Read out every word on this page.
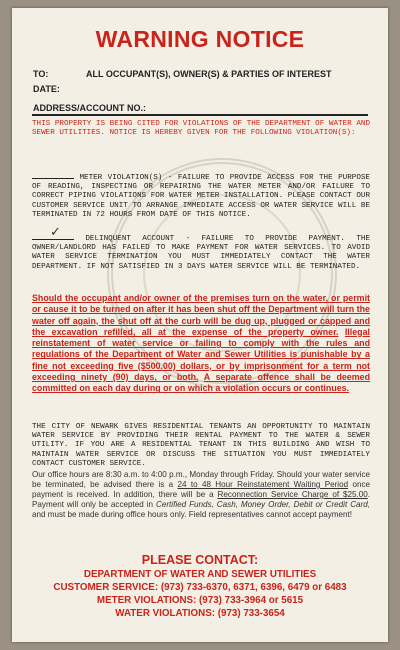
WARNING NOTICE
TO:	ALL OCCUPANT(S), OWNER(S) & PARTIES OF INTEREST
DATE:
ADDRESS/ACCOUNT NO.:

THIS PROPERTY IS BEING CITED FOR VIOLATIONS OF THE DEPARTMENT OF WATER AND SEWER UTILITIES. NOTICE IS HEREBY GIVEN FOR THE FOLLOWING VIOLATION(S):

METER VIOLATION(S) - FAILURE TO PROVIDE ACCESS FOR THE PURPOSE OF READING, INSPECTING OR REPAIRING THE WATER METER AND/OR FAILURE TO CORRECT PIPING VIOLATIONS FOR WATER METER INSTALLATION. PLEASE CONTACT OUR CUSTOMER SERVICE UNIT TO ARRANGE IMMEDIATE ACCESS OR WATER SERVICE WILL BE TERMINATED IN 72 HOURS FROM DATE OF THIS NOTICE.

✓	DELINQUENT ACCOUNT - FAILURE TO PROVIDE PAYMENT. THE OWNER/LANDLORD HAS FAILED TO MAKE PAYMENT FOR WATER SERVICES. TO AVOID WATER SERVICE TERMINATION YOU MUST IMMEDIATELY CONTACT THE WATER DEPARTMENT. IF NOT SATISFIED IN 3 DAYS WATER SERVICE WILL BE TERMINATED.

Should the occupant and/or owner of the premises turn on the water, or permit or cause it to be turned on after it has been shut off the Department will turn the water off again, the shut off at the curb will be dug up, plugged or capped and the excavation refilled, all at the expense of the property owner. Illegal reinstatement of water service or failing to comply with the rules and regulations of the Department of Water and Sewer Utilities is punishable by a fine not exceeding five ($500.00) dollars, or by imprisonment for a term not exceeding ninety (90) days, or both. A separate offence shall be deemed committed on each day during or on which a violation occurs or continues.

THE CITY OF NEWARK GIVES RESIDENTIAL TENANTS AN OPPORTUNITY TO MAINTAIN WATER SERVICE BY PROVIDING THEIR RENTAL PAYMENT TO THE WATER & SEWER UTILITY. IF YOU ARE A RESIDENTIAL TENANT IN THIS BUILDING AND WISH TO MAINTAIN WATER SERVICE OR DISCUSS THE SITUATION YOU MUST IMMEDIATELY CONTACT CUSTOMER SERVICE.

Our office hours are 8:30 a.m. to 4:00 p.m., Monday through Friday. Should your water service be terminated, be advised there is a 24 to 48 Hour Reinstatement Waiting Period once payment is received. In addition, there will be a Reconnection Service Charge of $25.00. Payment will only be accepted in Certified Funds, Cash, Money Order, Debit or Credit Card, and must be made during office hours only. Field representatives cannot accept payment!

PLEASE CONTACT:
DEPARTMENT OF WATER AND SEWER UTILITIES
CUSTOMER SERVICE: (973) 733-6370, 6371, 6396, 6479 or 6483
METER VIOLATIONS: (973) 733-3964 or 5615
WATER VIOLATIONS: (973) 733-3654
